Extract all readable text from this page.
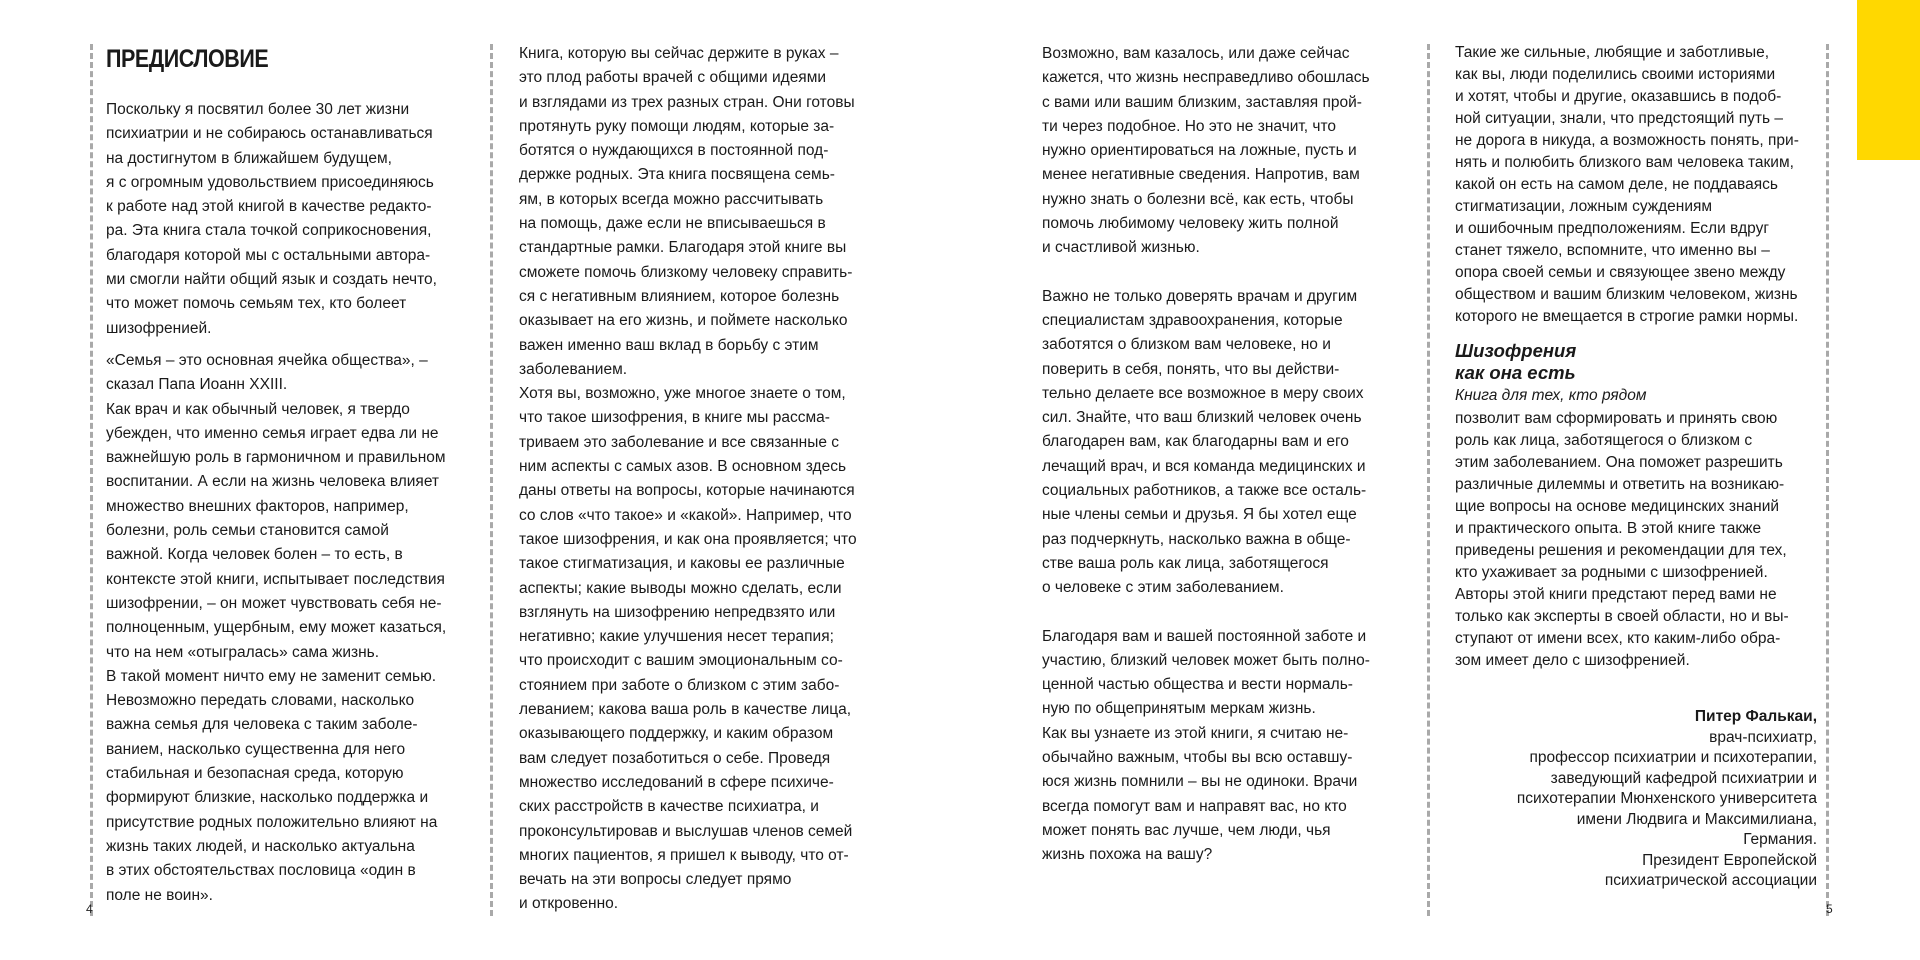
ПРЕДИСЛОВИЕ

Поскольку я посвятил более 30 лет жизни

психиатрии и не собираюсь останавливаться

на достигнутом в ближайшем будущем,

я с огромным удовольствием присоединяюсь

к работе над этой книгой в качестве редакто-

ра. Эта книга стала точкой соприкосновения,

благодаря которой мы с остальными автора-

ми смогли найти общий язык и создать нечто,

что может помочь семьям тех, кто болеет

шизофренией.

«Семья – это основная ячейка общества», –

сказал Папа Иоанн XXIII.

Как врач и как обычный человек, я твердо

убежден, что именно семья играет едва ли не

важнейшую роль в гармоничном и правильном

воспитании. А если на жизнь человека влияет

множество внешних факторов, например,

болезни, роль семьи становится самой

важной. Когда человек болен – то есть, в

контексте этой книги, испытывает последствия

шизофрении, – он может чувствовать себя не-

полноценным, ущербным, ему может казаться,

что на нем «отыгралась» сама жизнь.

В такой момент ничто ему не заменит семью.

Невозможно передать словами, насколько

важна семья для человека с таким заболе-

ванием, насколько существенна для него

стабильная и безопасная среда, которую

формируют близкие, насколько поддержка и

присутствие родных положительно влияют на

жизнь таких людей, и насколько актуальна

в этих обстоятельствах пословица «один в

поле не воин».

Книга, которую вы сейчас держите в руках –

это плод работы врачей с общими идеями

и взглядами из трех разных стран. Они готовы

протянуть руку помощи людям, которые за-

ботятся о нуждающихся в постоянной под-

держке родных. Эта книга посвящена семь-

ям, в которых всегда можно рассчитывать

на помощь, даже если не вписываешься в

стандартные рамки. Благодаря этой книге вы

сможете помочь близкому человеку справить-

ся с негативным влиянием, которое болезнь

оказывает на его жизнь, и поймете насколько

важен именно ваш вклад в борьбу с этим

заболеванием.

Хотя вы, возможно, уже многое знаете о том,

что такое шизофрения, в книге мы рассма-

триваем это заболевание и все связанные с

ним аспекты с самых азов. В основном здесь

даны ответы на вопросы, которые начинаются

со слов «что такое» и «какой». Например, что

такое шизофрения, и как она проявляется; что

такое стигматизация, и каковы ее различные

аспекты; какие выводы можно сделать, если

взглянуть на шизофрению непредвзято или

негативно; какие улучшения несет терапия;

что происходит с вашим эмоциональным со-

стоянием при заботе о близком с этим забо-

леванием; какова ваша роль в качестве лица,

оказывающего поддержку, и каким образом

вам следует позаботиться о себе. Проведя

множество исследований в сфере психиче-

ских расстройств в качестве психиатра, и

проконсультировав и выслушав членов семей

многих пациентов, я пришел к выводу, что от-

вечать на эти вопросы следует прямо

и откровенно.

4

Возможно, вам казалось, или даже сейчас

кажется, что жизнь несправедливо обошлась

с вами или вашим близким, заставляя прой-

ти через подобное. Но это не значит, что

нужно ориентироваться на ложные, пусть и

менее негативные сведения. Напротив, вам

нужно знать о болезни всё, как есть, чтобы

помочь любимому человеку жить полной

и счастливой жизнью.

Важно не только доверять врачам и другим

специалистам здравоохранения, которые

заботятся о близком вам человеке, но и

поверить в себя, понять, что вы действи-

тельно делаете все возможное в меру своих

сил. Знайте, что ваш близкий человек очень

благодарен вам, как благодарны вам и его

лечащий врач, и вся команда медицинских и

социальных работников, а также все осталь-

ные члены семьи и друзья. Я бы хотел еще

раз подчеркнуть, насколько важна в обще-

стве ваша роль как лица, заботящегося

о человеке с этим заболеванием.

Благодаря вам и вашей постоянной заботе и

участию, близкий человек может быть полно-

ценной частью общества и вести нормаль-

ную по общепринятым меркам жизнь.

Как вы узнаете из этой книги, я считаю не-

обычайно важным, чтобы вы всю оставшу-

юся жизнь помнили – вы не одиноки. Врачи

всегда помогут вам и направят вас, но кто

может понять вас лучше, чем люди, чья

жизнь похожа на вашу?

Такие же сильные, любящие и заботливые,

как вы, люди поделились своими историями

и хотят, чтобы и другие, оказавшись в подоб-

ной ситуации, знали, что предстоящий путь –

не дорога в никуда, а возможность понять, при-

нять и полюбить близкого вам человека таким,

какой он есть на самом деле, не поддаваясь

стигматизации, ложным суждениям

и ошибочным предположениям. Если вдруг

станет тяжело, вспомните, что именно вы –

опора своей семьи и связующее звено между

обществом и вашим близким человеком, жизнь

которого не вмещается в строгие рамки нормы.

Шизофрения
как она есть
Книга для тех, кто рядом

позволит вам сформировать и принять свою

роль как лица, заботящегося о близком с

этим заболеванием. Она поможет разрешить

различные дилеммы и ответить на возникаю-

щие вопросы на основе медицинских знаний

и практического опыта. В этой книге также

приведены решения и рекомендации для тех,

кто ухаживает за родными с шизофренией.

Авторы этой книги предстают перед вами не

только как эксперты в своей области, но и вы-

ступают от имени всех, кто каким-либо обра-

зом имеет дело с шизофренией.

Питер Фалькаи,
врач-психиатр,
профессор психиатрии и психотерапии,
заведующий кафедрой психиатрии и
психотерапии Мюнхенского университета
имени Людвига и Максимилиана,
Германия.
Президент Европейской
психиатрической ассоциации
5
